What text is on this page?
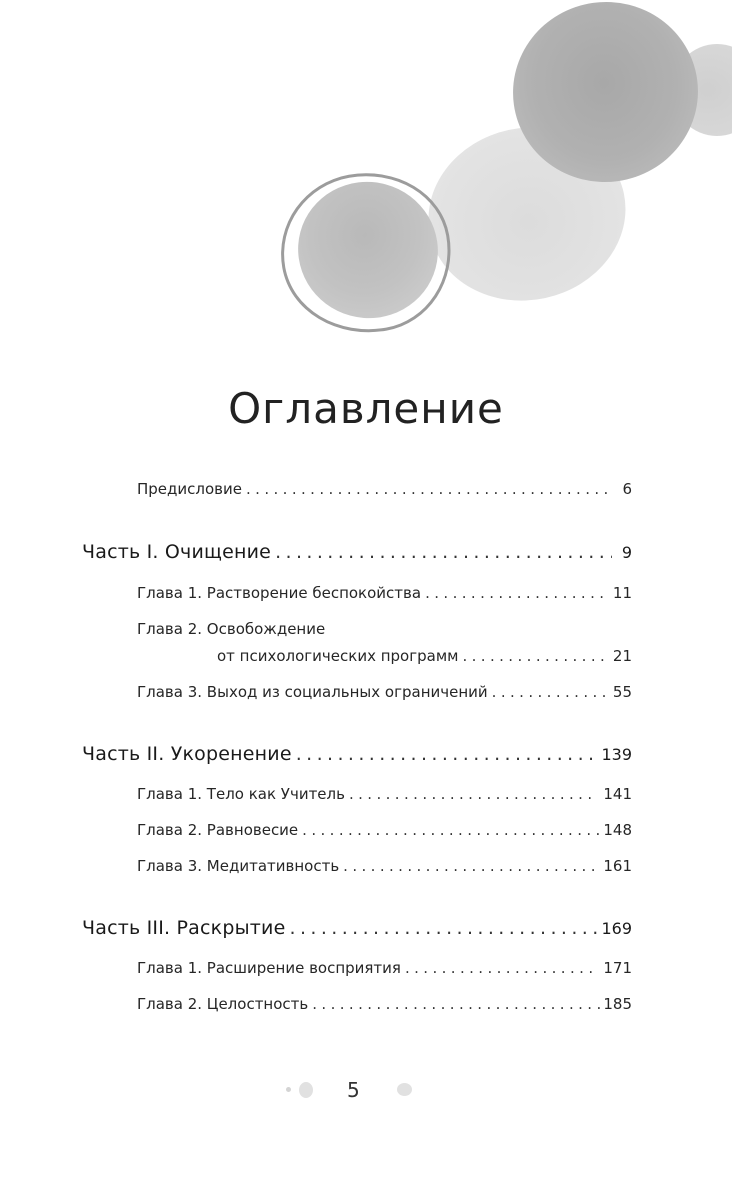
Оглавление
Предисловие .....	6
Часть I. Очищение .....	9
Глава 1. Растворение беспокойства .....	11
Глава 2. Освобождение
от психологических программ .....	21
Глава 3. Выход из социальных ограничений .....	55
Часть II. Укоренение .....	139
Глава 1. Тело как Учитель .....	141
Глава 2. Равновесие .....	148
Глава 3. Медитативность .....	161
Часть III. Раскрытие .....	169
Глава 1. Расширение восприятия .....	171
Глава 2. Целостность .....	185
5
